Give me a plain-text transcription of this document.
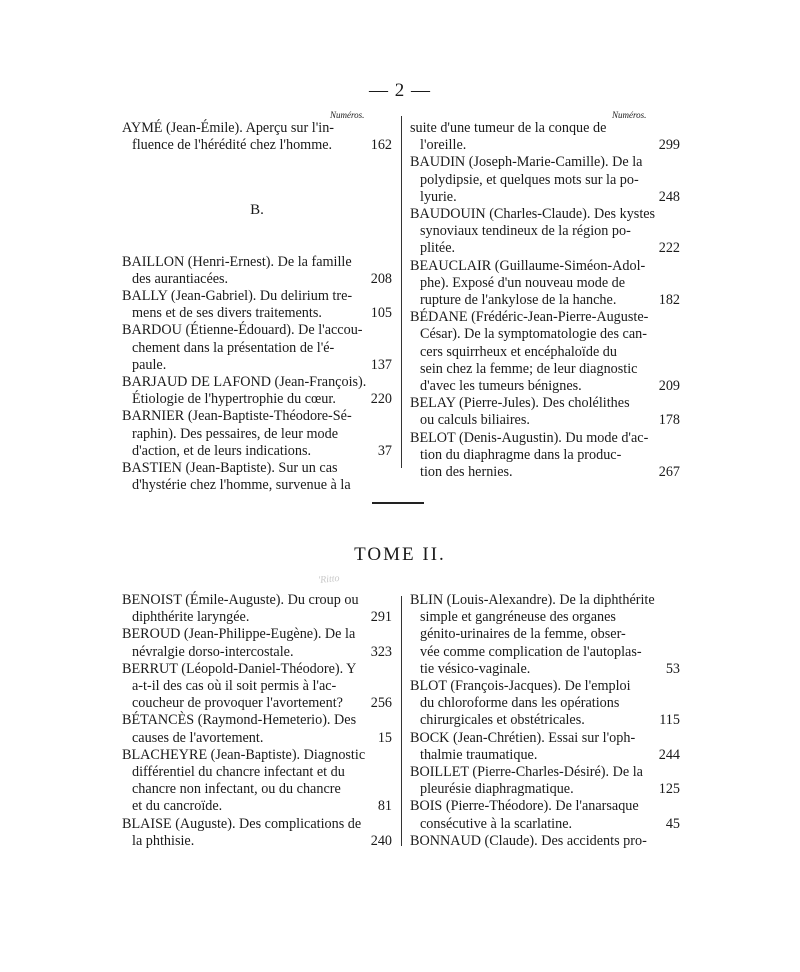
— 2 —
Numéros.	Numéros.
AYMÉ (Jean-Émile). Aperçu sur l'in-
fluence de l'hérédité chez l'homme.	162
B.
BAILLON (Henri-Ernest). De la famille
des aurantiacées.	208
BALLY (Jean-Gabriel). Du delirium tre-
mens et de ses divers traitements.	105
BARDOU (Étienne-Édouard). De l'accou-
chement dans la présentation de l'é-
paule.	137
BARJAUD DE LAFOND (Jean-François).
Étiologie de l'hypertrophie du cœur.	220
BARNIER (Jean-Baptiste-Théodore-Sé-
raphin). Des pessaires, de leur mode
d'action, et de leurs indications.	37
BASTIEN (Jean-Baptiste). Sur un cas
d'hystérie chez l'homme, survenue à la
suite d'une tumeur de la conque de
l'oreille.	299
BAUDIN (Joseph-Marie-Camille). De la
polydipsie, et quelques mots sur la po-
lyurie.	248
BAUDOUIN (Charles-Claude). Des kystes
synoviaux tendineux de la région po-
plitée.	222
BEAUCLAIR (Guillaume-Siméon-Adol-
phe). Exposé d'un nouveau mode de
rupture de l'ankylose de la hanche.	182
BÉDANE (Frédéric-Jean-Pierre-Auguste-
César). De la symptomatologie des can-
cers squirrheux et encéphaloïde du
sein chez la femme; de leur diagnostic
d'avec les tumeurs bénignes.	209
BELAY (Pierre-Jules). Des cholélithes
ou calculs biliaires.	178
BELOT (Denis-Augustin). Du mode d'ac-
tion du diaphragme dans la produc-
tion des hernies.	267
TOME II.
'Ritto
BENOIST (Émile-Auguste). Du croup ou
diphthérite laryngée.	291
BEROUD (Jean-Philippe-Eugène). De la
névralgie dorso-intercostale.	323
BERRUT (Léopold-Daniel-Théodore). Y
a-t-il des cas où il soit permis à l'ac-
coucheur de provoquer l'avortement?	256
BÉTANCÈS (Raymond-Hemeterio). Des
causes de l'avortement.	15
BLACHEYRE (Jean-Baptiste). Diagnostic
différentiel du chancre infectant et du
chancre non infectant, ou du chancre
et du cancroïde.	81
BLAISE (Auguste). Des complications de
la phthisie.	240
BLIN (Louis-Alexandre). De la diphthérite
simple et gangréneuse des organes
génito-urinaires de la femme, obser-
vée comme complication de l'autoplas-
tie vésico-vaginale.	53
BLOT (François-Jacques). De l'emploi
du chloroforme dans les opérations
chirurgicales et obstétricales.	115
BOCK (Jean-Chrétien). Essai sur l'oph-
thalmie traumatique.	244
BOILLET (Pierre-Charles-Désiré). De la
pleurésie diaphragmatique.	125
BOIS (Pierre-Théodore). De l'anarsaque
consécutive à la scarlatine.	45
BONNAUD (Claude). Des accidents pro-
